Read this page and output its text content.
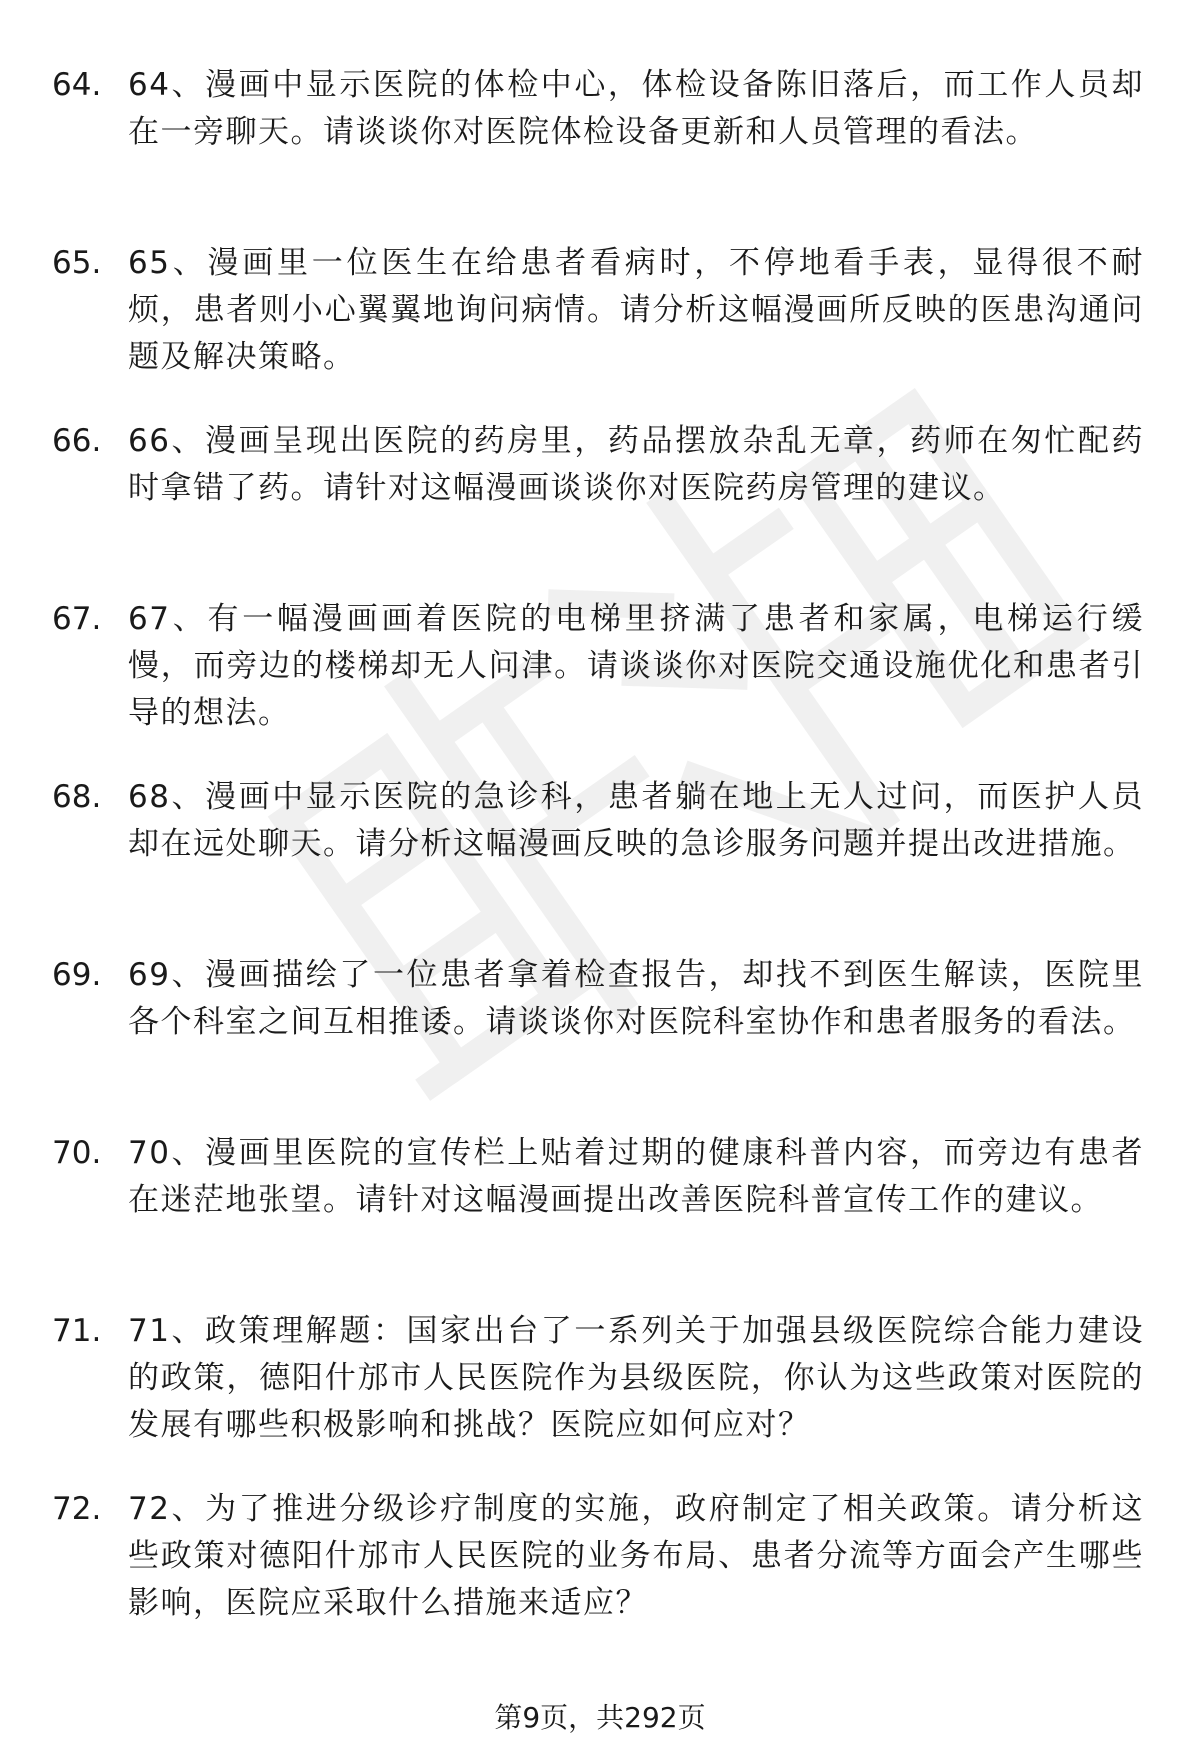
64. 64、漫画中显示医院的体检中心，体检设备陈旧落后，而工作人员却在一旁聊天。请谈谈你对医院体检设备更新和人员管理的看法。
65. 65、漫画里一位医生在给患者看病时，不停地看手表，显得很不耐烦，患者则小心翼翼地询问病情。请分析这幅漫画所反映的医患沟通问题及解决策略。
66. 66、漫画呈现出医院的药房里，药品摆放杂乱无章，药师在匆忙配药时拿错了药。请针对这幅漫画谈谈你对医院药房管理的建议。
67. 67、有一幅漫画画着医院的电梯里挤满了患者和家属，电梯运行缓慢，而旁边的楼梯却无人问津。请谈谈你对医院交通设施优化和患者引导的想法。
68. 68、漫画中显示医院的急诊科，患者躺在地上无人过问，而医护人员却在远处聊天。请分析这幅漫画反映的急诊服务问题并提出改进措施。
69. 69、漫画描绘了一位患者拿着检查报告，却找不到医生解读，医院里各个科室之间互相推诿。请谈谈你对医院科室协作和患者服务的看法。
70. 70、漫画里医院的宣传栏上贴着过期的健康科普内容，而旁边有患者在迷茫地张望。请针对这幅漫画提出改善医院科普宣传工作的建议。
71. 71、政策理解题：国家出台了一系列关于加强县级医院综合能力建设的政策，德阳什邡市人民医院作为县级医院，你认为这些政策对医院的发展有哪些积极影响和挑战？医院应如何应对？
72. 72、为了推进分级诊疗制度的实施，政府制定了相关政策。请分析这些政策对德阳什邡市人民医院的业务布局、患者分流等方面会产生哪些影响，医院应采取什么措施来适应？
第9页，共292页
